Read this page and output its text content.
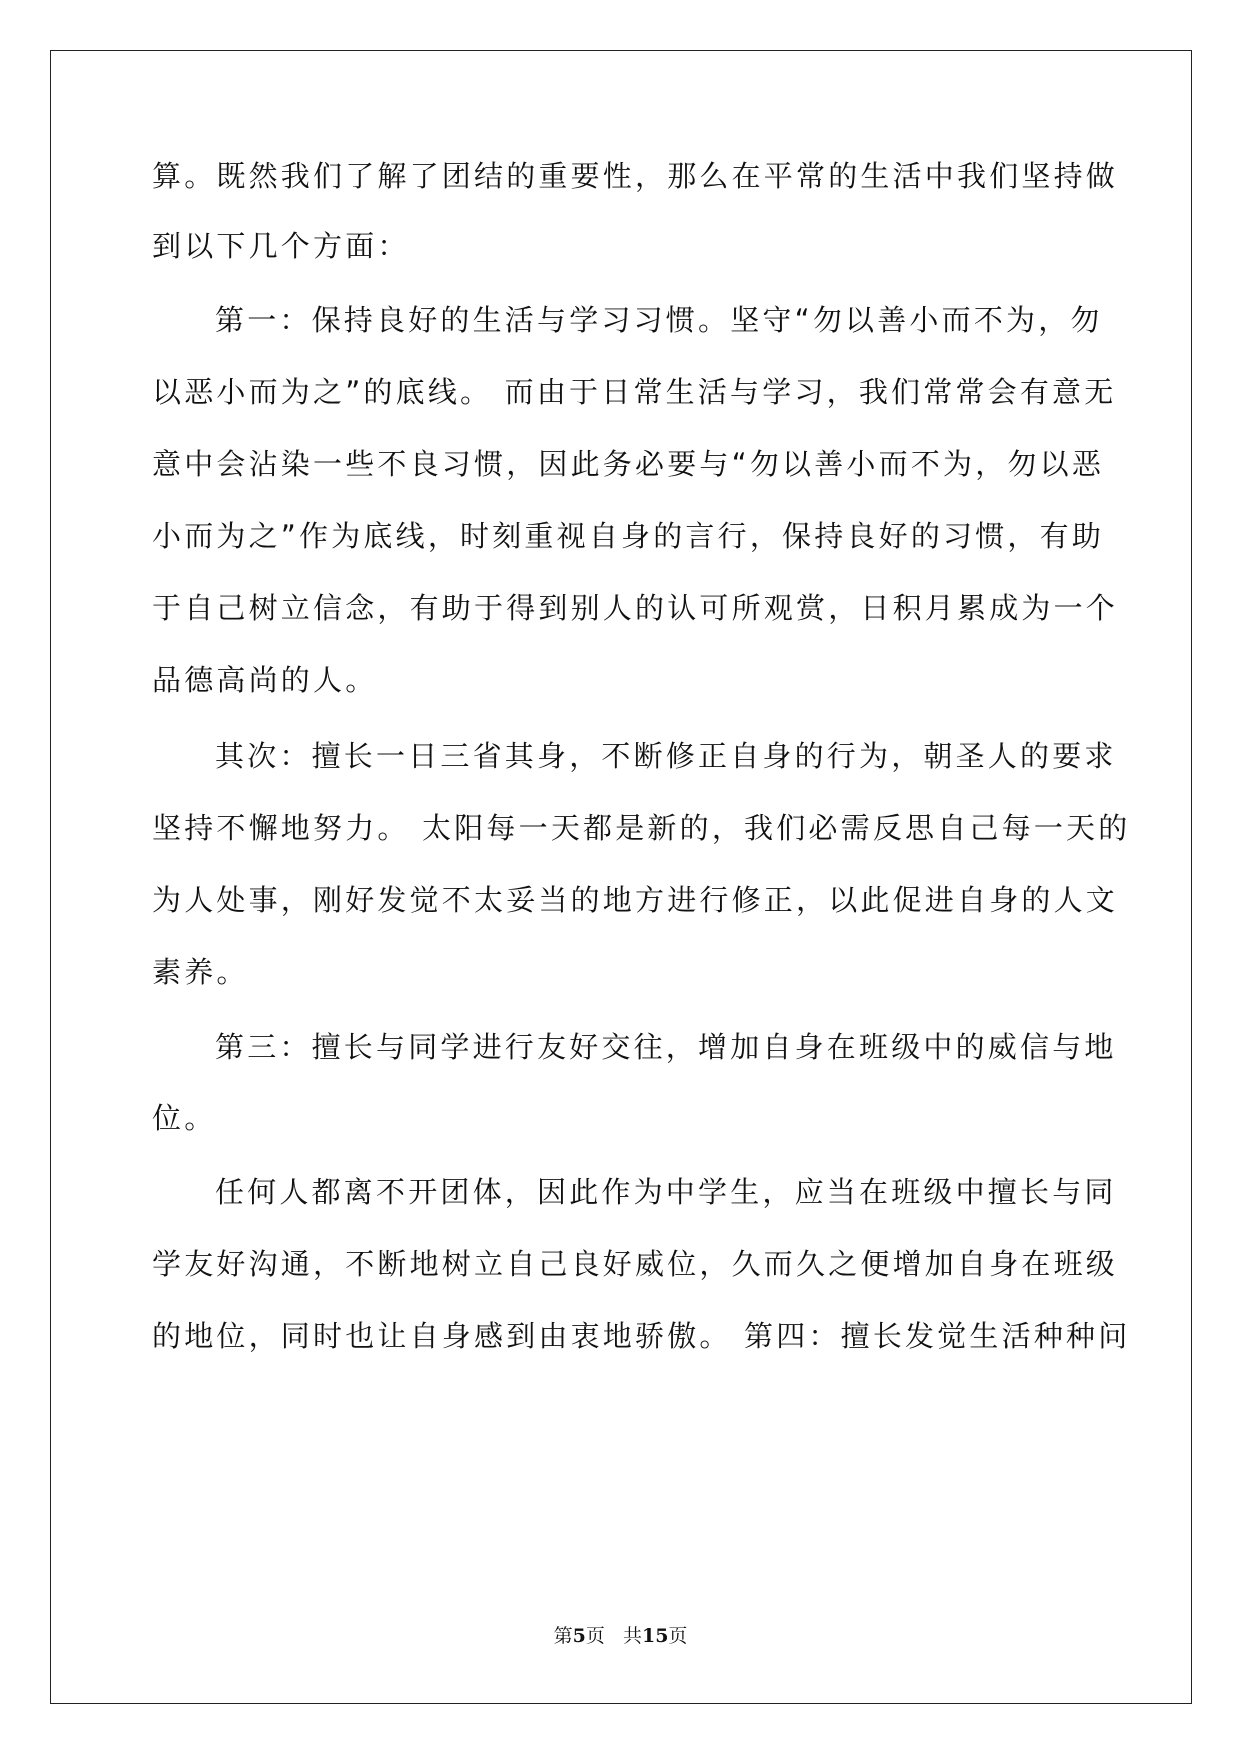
算。既然我们了解了团结的重要性，那么在平常的生活中我们坚持做
到以下几个方面：
第一：保持良好的生活与学习习惯。坚守“勿以善小而不为，勿
以恶小而为之”的底线。 而由于日常生活与学习，我们常常会有意无
意中会沾染一些不良习惯，因此务必要与“勿以善小而不为，勿以恶
小而为之”作为底线，时刻重视自身的言行，保持良好的习惯，有助
于自己树立信念，有助于得到别人的认可所观赏，日积月累成为一个
品德高尚的人。
其次：擅长一日三省其身，不断修正自身的行为，朝圣人的要求
坚持不懈地努力。 太阳每一天都是新的，我们必需反思自己每一天的
为人处事，刚好发觉不太妥当的地方进行修正，以此促进自身的人文
素养。
第三：擅长与同学进行友好交往，增加自身在班级中的威信与地
位。
任何人都离不开团体，因此作为中学生，应当在班级中擅长与同
学友好沟通，不断地树立自己良好威位，久而久之便增加自身在班级
的地位，同时也让自身感到由衷地骄傲。 第四：擅长发觉生活种种问
第5页 共15页
